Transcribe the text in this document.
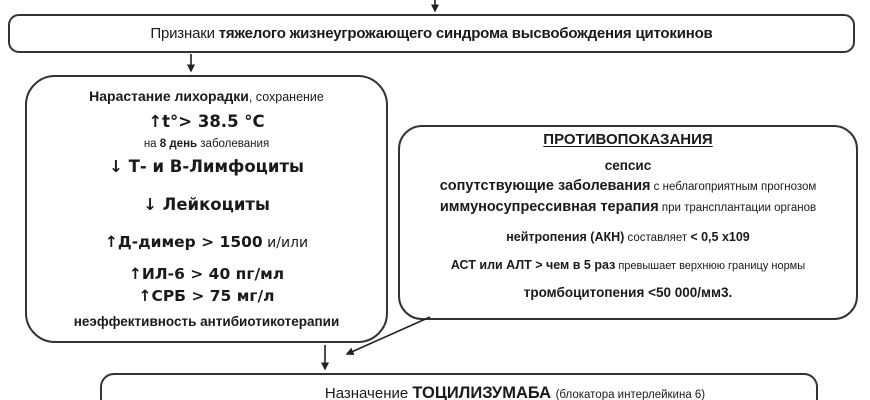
Признаки тяжелого жизнеугрожающего синдрома высвобождения цитокинов
Нарастание лихорадки, сохранение
↑t°> 38.5 °C
на 8 день заболевания
↓ Т- и В-Лимфоциты
↓ Лейкоциты
↑Д-димер > 1500 и/или
↑ИЛ-6 > 40 пг/мл
↑СРБ > 75 мг/л
неэффективность антибиотикотерапии
ПРОТИВОПОКАЗАНИЯ
сепсис
сопутствующие заболевания с неблагоприятным прогнозом
иммуносупрессивная терапия при трансплантации органов
нейтропения (АКН) составляет < 0,5 х109
АСТ или АЛТ > чем в 5 раз превышает верхнюю границу нормы
тромбоцитопения <50 000/мм3.
Назначение ТОЦИЛИЗУМАБА (блокатора интерлейкина 6)
